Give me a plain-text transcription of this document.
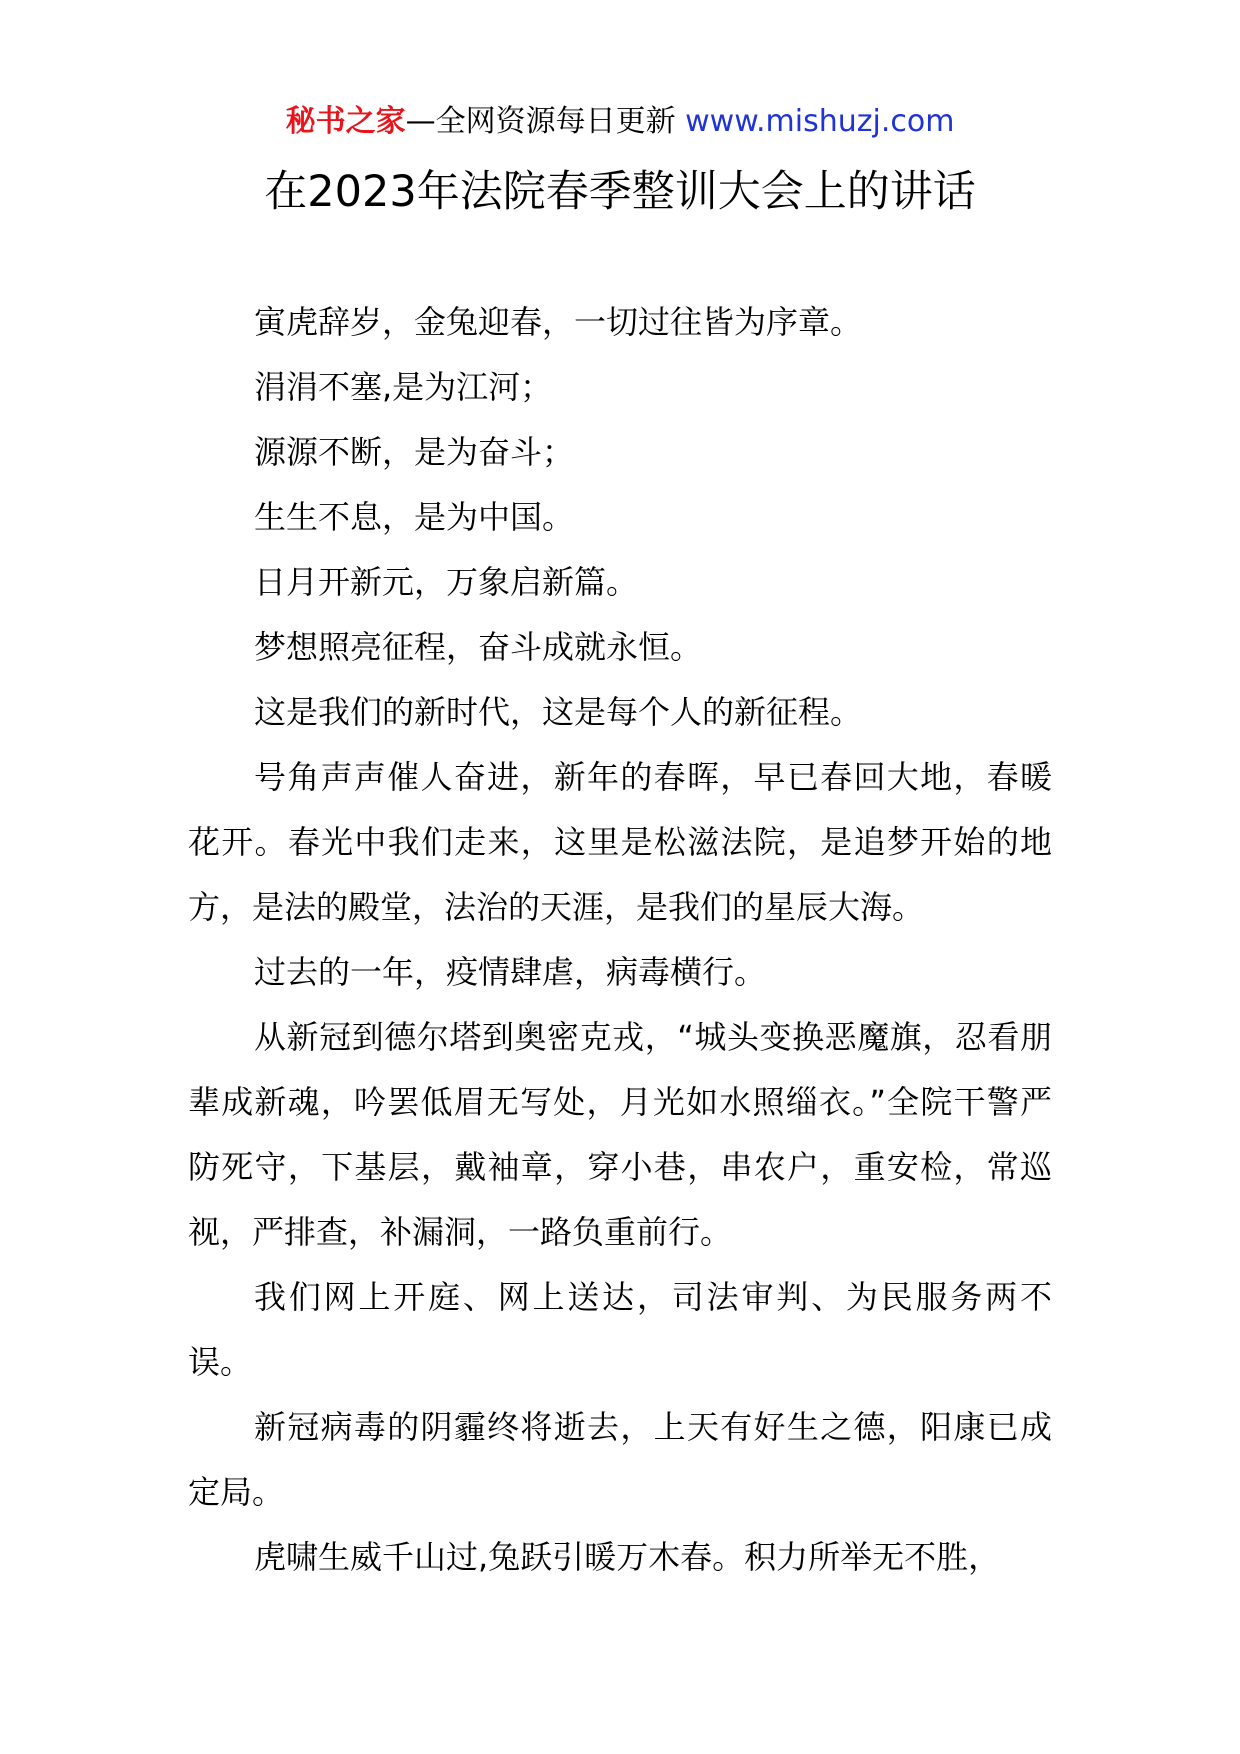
秘书之家—全网资源每日更新 www.mishuzj.com
在2023年法院春季整训大会上的讲话

寅虎辞岁，金兔迎春，一切过往皆为序章。

涓涓不塞,是为江河；

源源不断，是为奋斗；

生生不息，是为中国。

日月开新元，万象启新篇。

梦想照亮征程，奋斗成就永恒。

这是我们的新时代，这是每个人的新征程。

号角声声催人奋进，新年的春晖，早已春回大地，春暖花开。春光中我们走来，这里是松滋法院，是追梦开始的地方，是法的殿堂，法治的天涯，是我们的星辰大海。

过去的一年，疫情肆虐，病毒横行。

从新冠到德尔塔到奥密克戎，“城头变换恶魔旗，忍看朋辈成新魂，吟罢低眉无写处，月光如水照缁衣。”全院干警严防死守，下基层，戴袖章，穿小巷，串农户，重安检，常巡视，严排查，补漏洞，一路负重前行。

我们网上开庭、网上送达，司法审判、为民服务两不误。

新冠病毒的阴霾终将逝去，上天有好生之德，阳康已成定局。

虎啸生威千山过,兔跃引暖万木春。积力所举无不胜，
